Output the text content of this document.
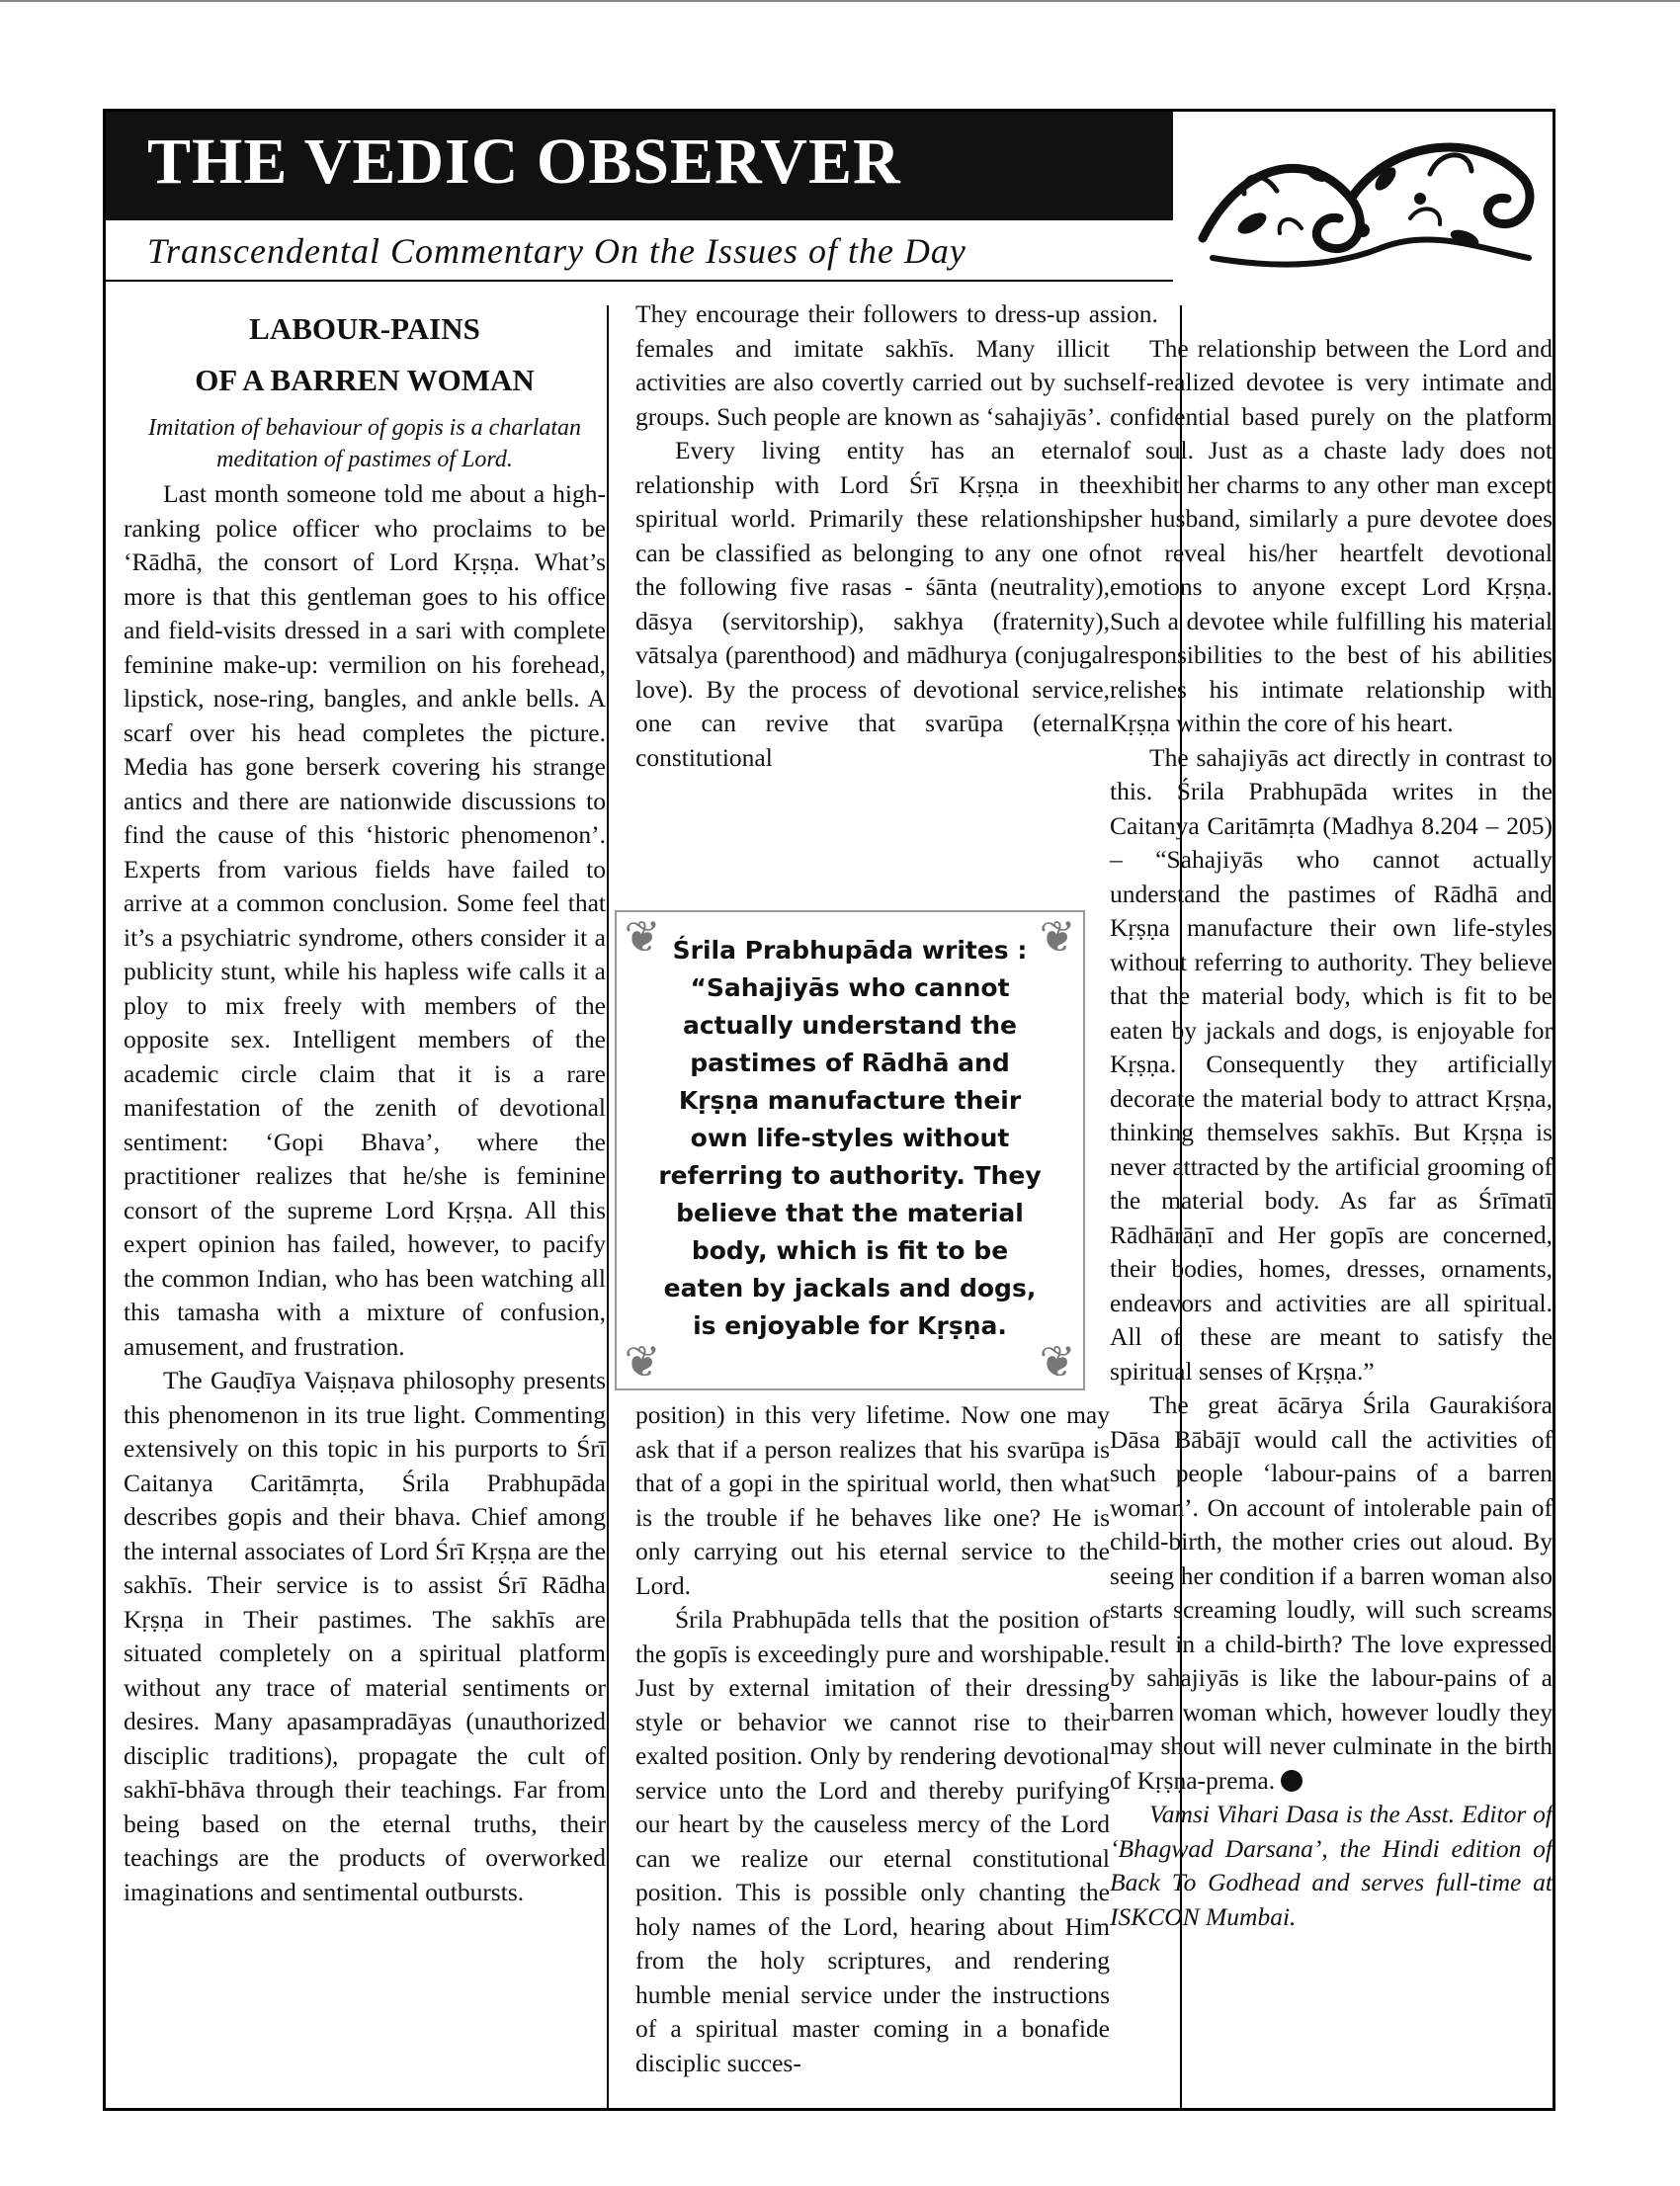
THE VEDIC OBSERVER
Transcendental Commentary On the Issues of the Day
LABOUR-PAINS
OF A BARREN WOMAN
Imitation of behaviour of gopis is a charlatan meditation of pastimes of Lord.

Last month someone told me about a high-ranking police officer who proclaims to be ‘Rādhā, the consort of Lord Kṛṣṇa. What’s more is that this gentleman goes to his office and field-visits dressed in a sari with complete feminine make-up: vermilion on his forehead, lipstick, nose-ring, bangles, and ankle bells. A scarf over his head completes the picture. Media has gone berserk covering his strange antics and there are nationwide discussions to find the cause of this ‘historic phenomenon’. Experts from various fields have failed to arrive at a common conclusion. Some feel that it’s a psychiatric syndrome, others consider it a publicity stunt, while his hapless wife calls it a ploy to mix freely with members of the opposite sex. Intelligent members of the academic circle claim that it is a rare manifestation of the zenith of devotional sentiment: ‘Gopi Bhava’, where the practitioner realizes that he/she is feminine consort of the supreme Lord Kṛṣṇa. All this expert opinion has failed, however, to pacify the common Indian, who has been watching all this tamasha with a mixture of confusion, amusement, and frustration.

The Gauḍīya Vaiṣṇava philosophy presents this phenomenon in its true light. Commenting extensively on this topic in his purports to Śrī Caitanya Caritāmṛta, Śrila Prabhupāda describes gopis and their bhava. Chief among the internal associates of Lord Śrī Kṛṣṇa are the sakhīs. Their service is to assist Śrī Rādha Kṛṣṇa in Their pastimes. The sakhīs are situated completely on a spiritual platform without any trace of material sentiments or desires. Many apasampradāyas (unauthorized disciplic traditions), propagate the cult of sakhī-bhāva through their teachings. Far from being based on the eternal truths, their teachings are the products of overworked imaginations and sentimental outbursts.

They encourage their followers to dress-up as females and imitate sakhīs. Many illicit activities are also covertly carried out by such groups. Such people are known as ‘sahajiyās’.

Every living entity has an eternal relationship with Lord Śrī Kṛṣṇa in the spiritual world. Primarily these relationships can be classified as belonging to any one of the following five rasas - śānta (neutrality), dāsya (servitorship), sakhya (fraternity), vātsalya (parenthood) and mādhurya (conjugal love). By the process of devotional service, one can revive that svarūpa (eternal constitutional

❦	❦
❦	❦
Śrila Prabhupāda writes : “Sahajiyās who cannot actually understand the pastimes of Rādhā and Kṛṣṇa manufacture their own life-styles without referring to authority. They believe that the material body, which is fit to be eaten by jackals and dogs, is enjoyable for Kṛṣṇa.

position) in this very lifetime. Now one may ask that if a person realizes that his svarūpa is that of a gopi in the spiritual world, then what is the trouble if he behaves like one? He is only carrying out his eternal service to the Lord.

Śrila Prabhupāda tells that the position of the gopīs is exceedingly pure and worshipable. Just by external imitation of their dressing style or behavior we cannot rise to their exalted position. Only by rendering devotional service unto the Lord and thereby purifying our heart by the causeless mercy of the Lord can we realize our eternal constitutional position. This is possible only chanting the holy names of the Lord, hearing about Him from the holy scriptures, and rendering humble menial service under the instructions of a spiritual master coming in a bonafide disciplic succes-

sion.

The relationship between the Lord and self-realized devotee is very intimate and confidential based purely on the platform of soul. Just as a chaste lady does not exhibit her charms to any other man except her husband, similarly a pure devotee does not reveal his/her heartfelt devotional emotions to anyone except Lord Kṛṣṇa. Such a devotee while fulfilling his material responsibilities to the best of his abilities relishes his intimate relationship with Kṛṣṇa within the core of his heart.

The sahajiyās act directly in contrast to this. Śrila Prabhupāda writes in the Caitanya Caritāmṛta (Madhya 8.204 – 205) – “Sahajiyās who cannot actually understand the pastimes of Rādhā and Kṛṣṇa manufacture their own life-styles without referring to authority. They believe that the material body, which is fit to be eaten by jackals and dogs, is enjoyable for Kṛṣṇa. Consequently they artificially decorate the material body to attract Kṛṣṇa, thinking themselves sakhīs. But Kṛṣṇa is never attracted by the artificial grooming of the material body. As far as Śrīmatī Rādhārāṇī and Her gopīs are concerned, their bodies, homes, dresses, ornaments, endeavors and activities are all spiritual. All of these are meant to satisfy the spiritual senses of Kṛṣṇa.”

The great ācārya Śrila Gaurakiśora Dāsa Bābājī would call the activities of such people ‘labour-pains of a barren woman’. On account of intolerable pain of child-birth, the mother cries out aloud. By seeing her condition if a barren woman also starts screaming loudly, will such screams result in a child-birth? The love expressed by sahajiyās is like the labour-pains of a barren woman which, however loudly they may shout will never culminate in the birth of Kṛṣṇa-prema.

Vamsi Vihari Dasa is the Asst. Editor of ‘Bhagwad Darsana’, the Hindi edition of Back To Godhead and serves full-time at ISKCON Mumbai.
